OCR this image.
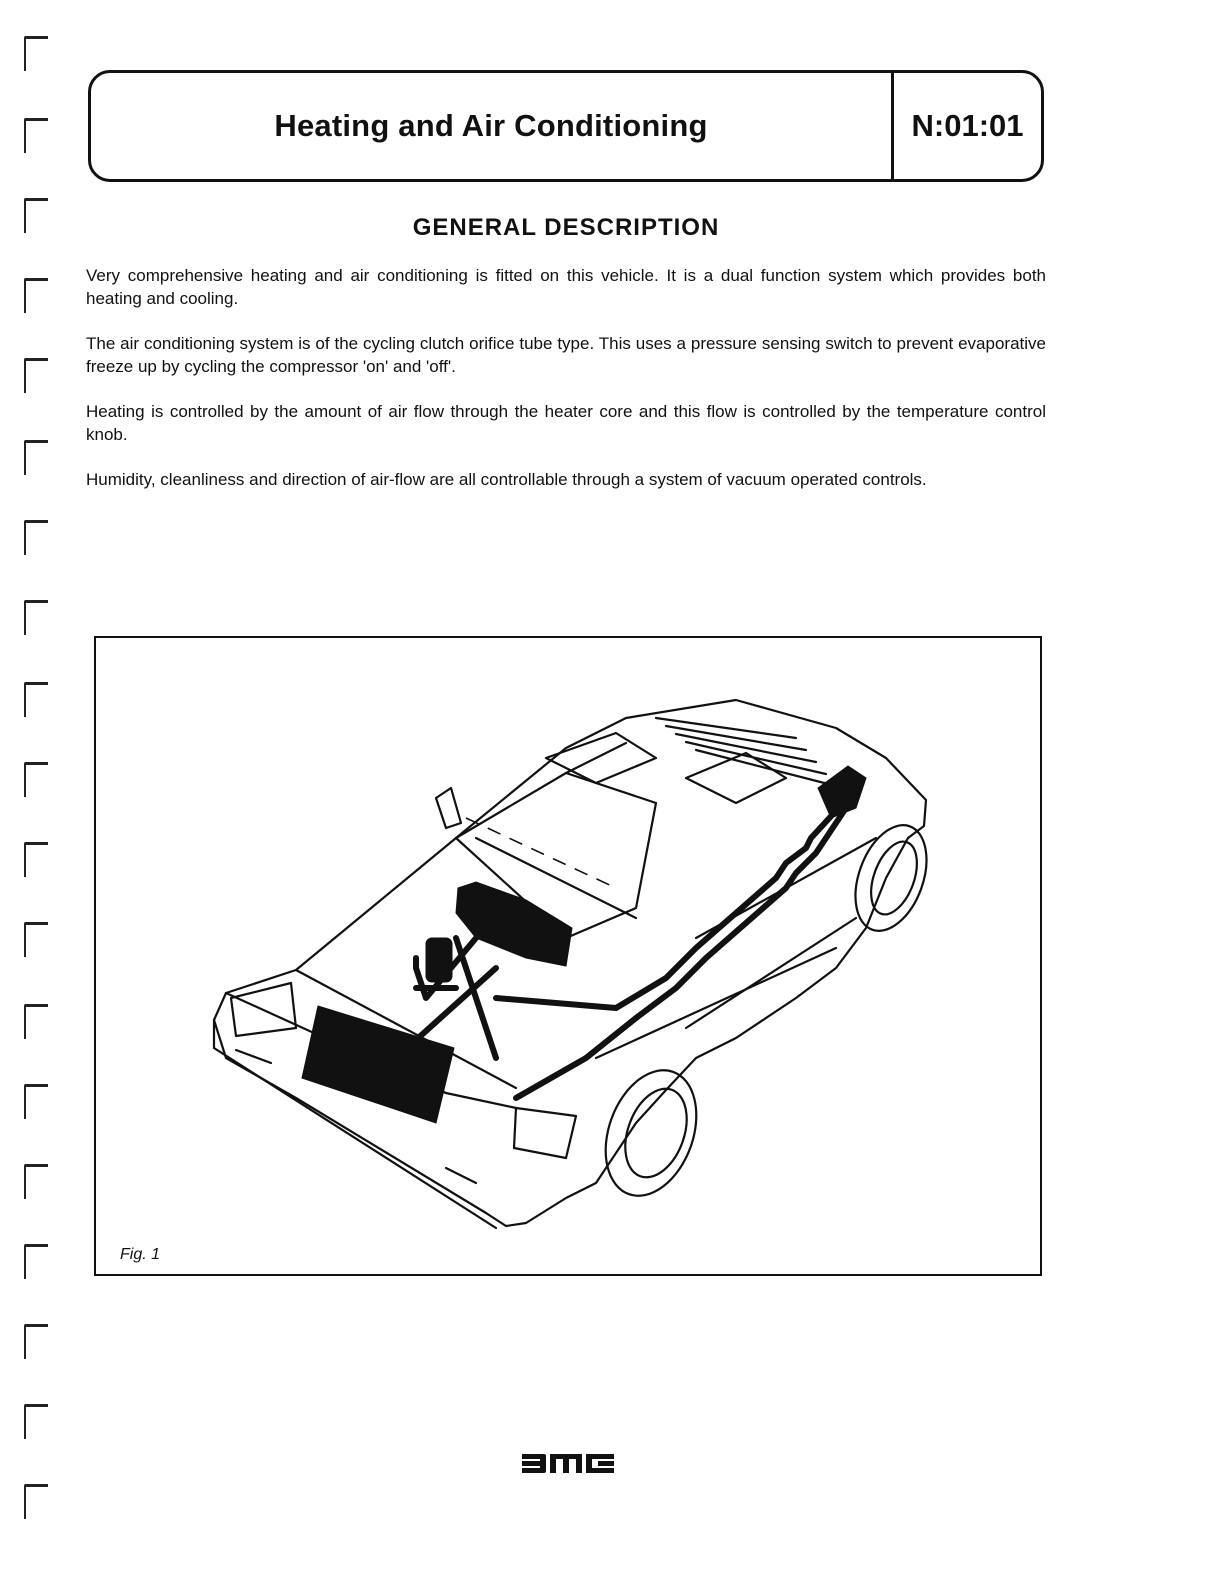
Heating and Air Conditioning	N:01:01
GENERAL DESCRIPTION

Very comprehensive heating and air conditioning is fitted on this vehicle. It is a dual function system which provides both heating and cooling.

The air conditioning system is of the cycling clutch orifice tube type. This uses a pressure sensing switch to prevent evaporative freeze up by cycling the compressor 'on' and 'off'.

Heating is controlled by the amount of air flow through the heater core and this flow is controlled by the temperature control knob.

Humidity, cleanliness and direction of air-flow are all controllable through a system of vacuum operated controls.

Fig. 1
